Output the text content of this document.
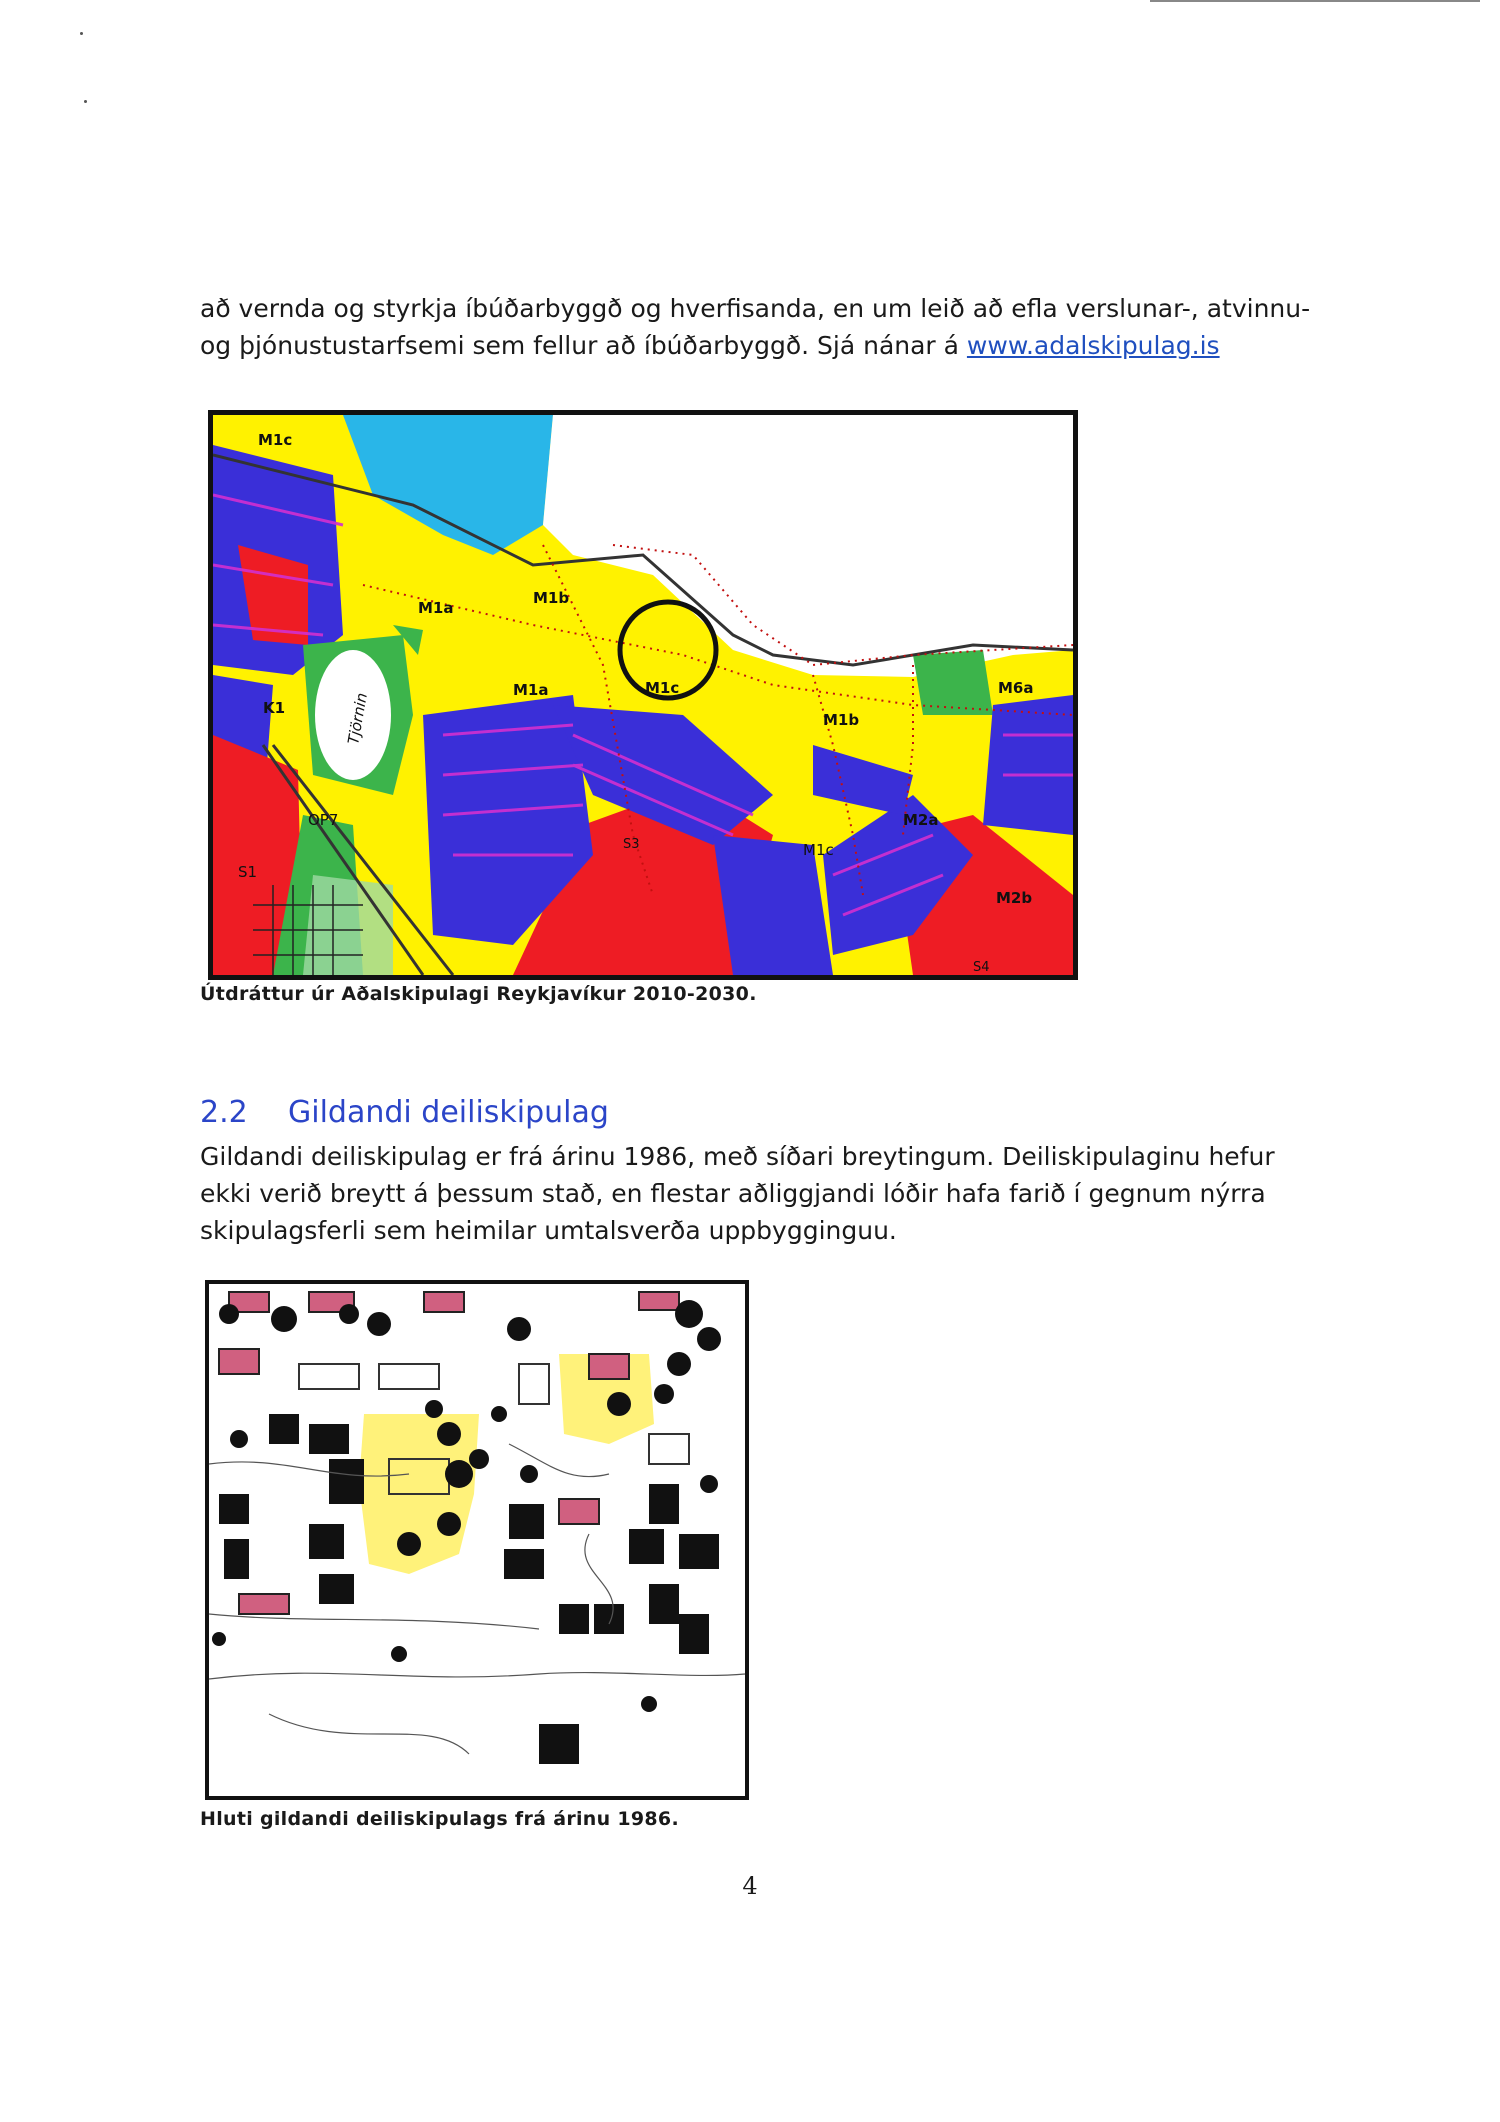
að vernda og styrkja íbúðarbyggð og hverfisanda, en um leið að efla verslunar-, atvinnu- og þjónustustarfsemi sem fellur að íbúðarbyggð. Sjá nánar á www.adalskipulag.is

M1c
M1a
M1b
M1a	M1c
M1b
M6a
K1	Tjörnin
OP7
S1
S3
M2a
M1c
M2b
S4
Útdráttur úr Aðalskipulagi Reykjavíkur 2010-2030.
2.2 Gildandi deiliskipulag

Gildandi deiliskipulag er frá árinu 1986, með síðari breytingum. Deiliskipulaginu hefur ekki verið breytt á þessum stað, en flestar aðliggjandi lóðir hafa farið í gegnum nýrra skipulagsferli sem heimilar umtalsverða uppbygginguu.

Hluti gildandi deiliskipulags frá árinu 1986.
4
